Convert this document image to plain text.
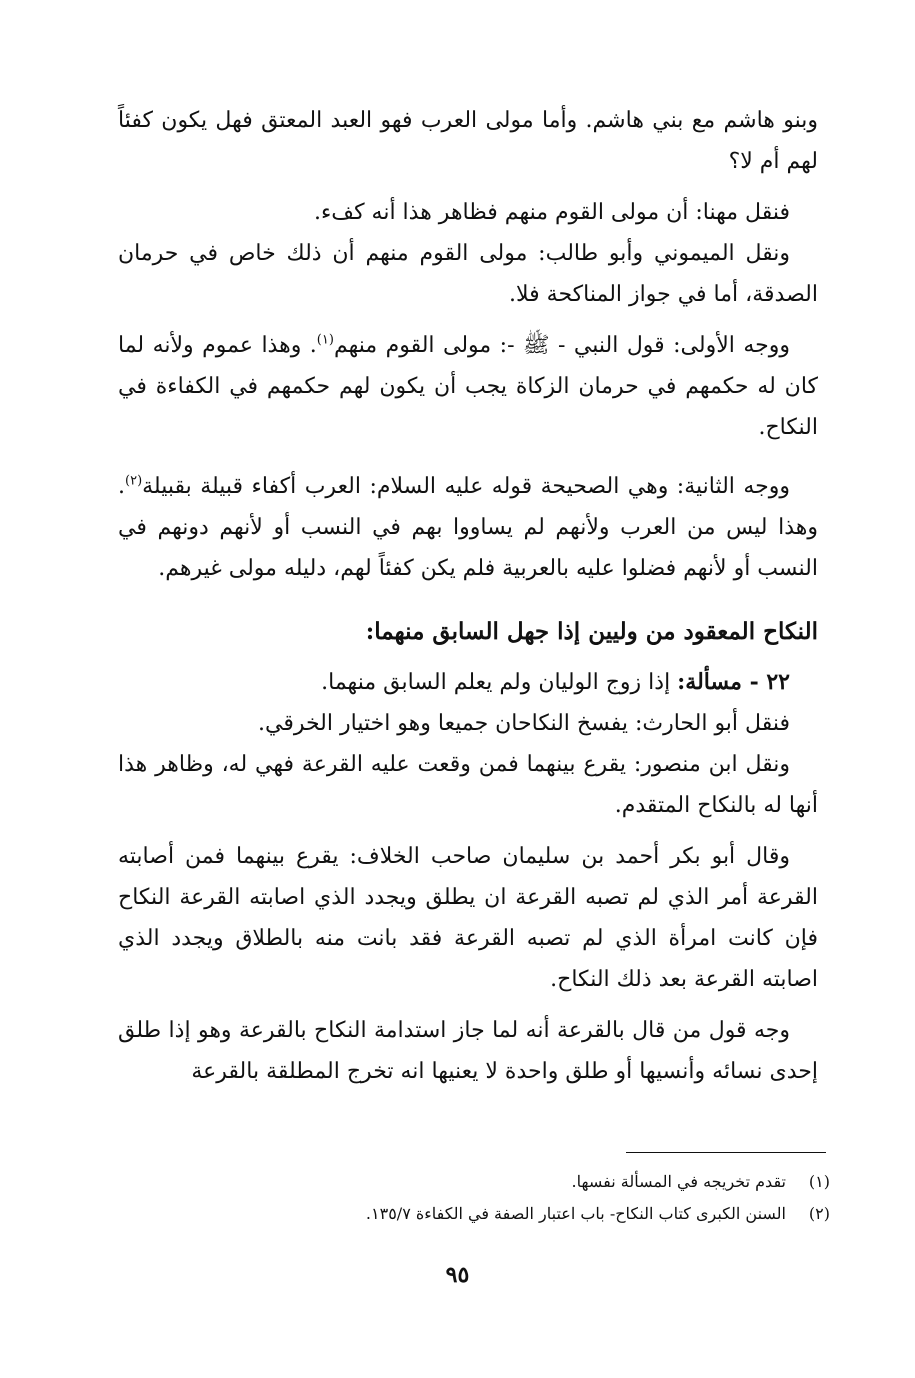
وبنو هاشم مع بني هاشم. وأما مولى العرب فهو العبد المعتق فهل يكون كفئاً لهم أم لا؟

فنقل مهنا: أن مولى القوم منهم فظاهر هذا أنه كفء.

ونقل الميموني وأبو طالب: مولى القوم منهم أن ذلك خاص في حرمان الصدقة، أما في جواز المناكحة فلا.

ووجه الأولى: قول النبي - ﷺ -: مولى القوم منهم$^{(١)}$. وهذا عموم ولأنه لما كان له حكمهم في حرمان الزكاة يجب أن يكون لهم حكمهم في الكفاءة في النكاح.

ووجه الثانية: وهي الصحيحة قوله عليه السلام: العرب أكفاء قبيلة بقبيلة$^{(٢)}$. وهذا ليس من العرب ولأنهم لم يساووا بهم في النسب أو لأنهم دونهم في النسب أو لأنهم فضلوا عليه بالعربية فلم يكن كفئاً لهم، دليله مولى غيرهم.

النكاح المعقود من وليين إذا جهل السابق منهما:

٢٢ - مسألة: إذا زوج الوليان ولم يعلم السابق منهما.

فنقل أبو الحارث: يفسخ النكاحان جميعا وهو اختيار الخرقي.

ونقل ابن منصور: يقرع بينهما فمن وقعت عليه القرعة فهي له، وظاهر هذا أنها له بالنكاح المتقدم.

وقال أبو بكر أحمد بن سليمان صاحب الخلاف: يقرع بينهما فمن أصابته القرعة أمر الذي لم تصبه القرعة ان يطلق ويجدد الذي اصابته القرعة النكاح فإن كانت امرأة الذي لم تصبه القرعة فقد بانت منه بالطلاق ويجدد الذي اصابته القرعة بعد ذلك النكاح.

وجه قول من قال بالقرعة أنه لما جاز استدامة النكاح بالقرعة وهو إذا طلق إحدى نسائه وأنسيها أو طلق واحدة لا يعنيها انه تخرج المطلقة بالقرعة

(١)تقدم تخريجه في المسألة نفسها.

(٢)السنن الكبرى كتاب النكاح- باب اعتبار الصفة في الكفاءة ١٣٥/٧.

٩٥
